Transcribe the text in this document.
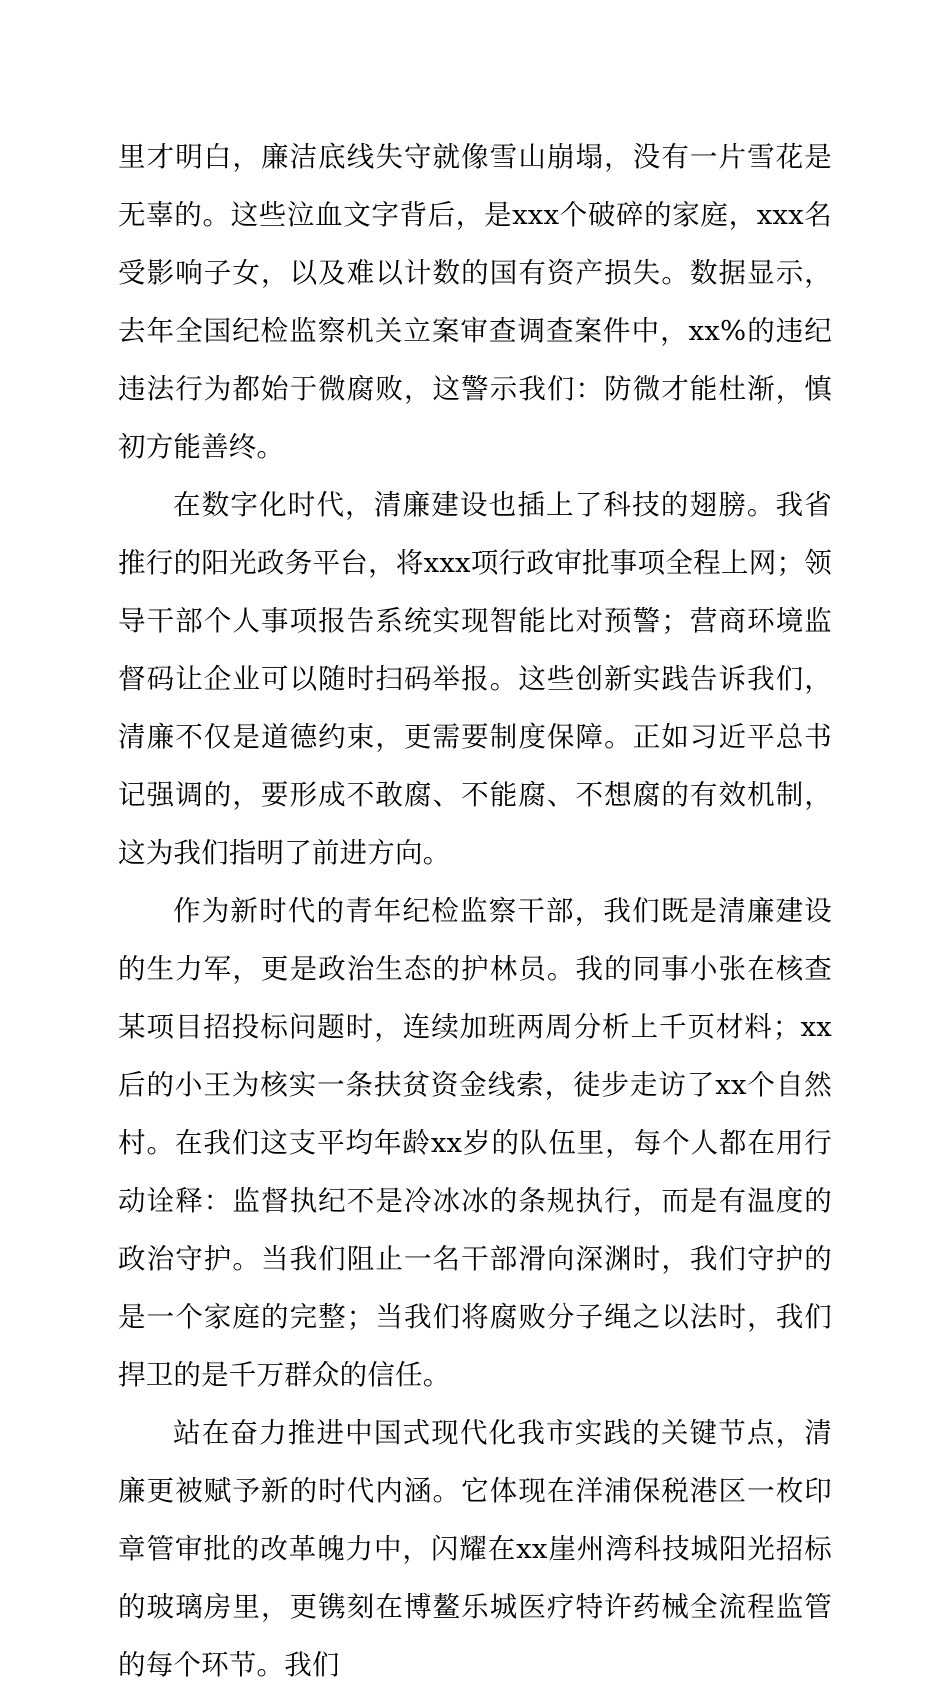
里才明白，廉洁底线失守就像雪山崩塌，没有一片雪花是无辜的。这些泣血文字背后，是xxx个破碎的家庭，xxx名受影响子女，以及难以计数的国有资产损失。数据显示，去年全国纪检监察机关立案审查调查案件中，xx%的违纪违法行为都始于微腐败，这警示我们：防微才能杜渐，慎初方能善终。

在数字化时代，清廉建设也插上了科技的翅膀。我省推行的阳光政务平台，将xxx项行政审批事项全程上网；领导干部个人事项报告系统实现智能比对预警；营商环境监督码让企业可以随时扫码举报。这些创新实践告诉我们，清廉不仅是道德约束，更需要制度保障。正如习近平总书记强调的，要形成不敢腐、不能腐、不想腐的有效机制，这为我们指明了前进方向。

作为新时代的青年纪检监察干部，我们既是清廉建设的生力军，更是政治生态的护林员。我的同事小张在核查某项目招投标问题时，连续加班两周分析上千页材料；xx后的小王为核实一条扶贫资金线索，徒步走访了xx个自然村。在我们这支平均年龄xx岁的队伍里，每个人都在用行动诠释：监督执纪不是冷冰冰的条规执行，而是有温度的政治守护。当我们阻止一名干部滑向深渊时，我们守护的是一个家庭的完整；当我们将腐败分子绳之以法时，我们捍卫的是千万群众的信任。

站在奋力推进中国式现代化我市实践的关键节点，清廉更被赋予新的时代内涵。它体现在洋浦保税港区一枚印章管审批的改革魄力中，闪耀在xx崖州湾科技城阳光招标的玻璃房里，更镌刻在博鳌乐城医疗特许药械全流程监管的每个环节。我们
